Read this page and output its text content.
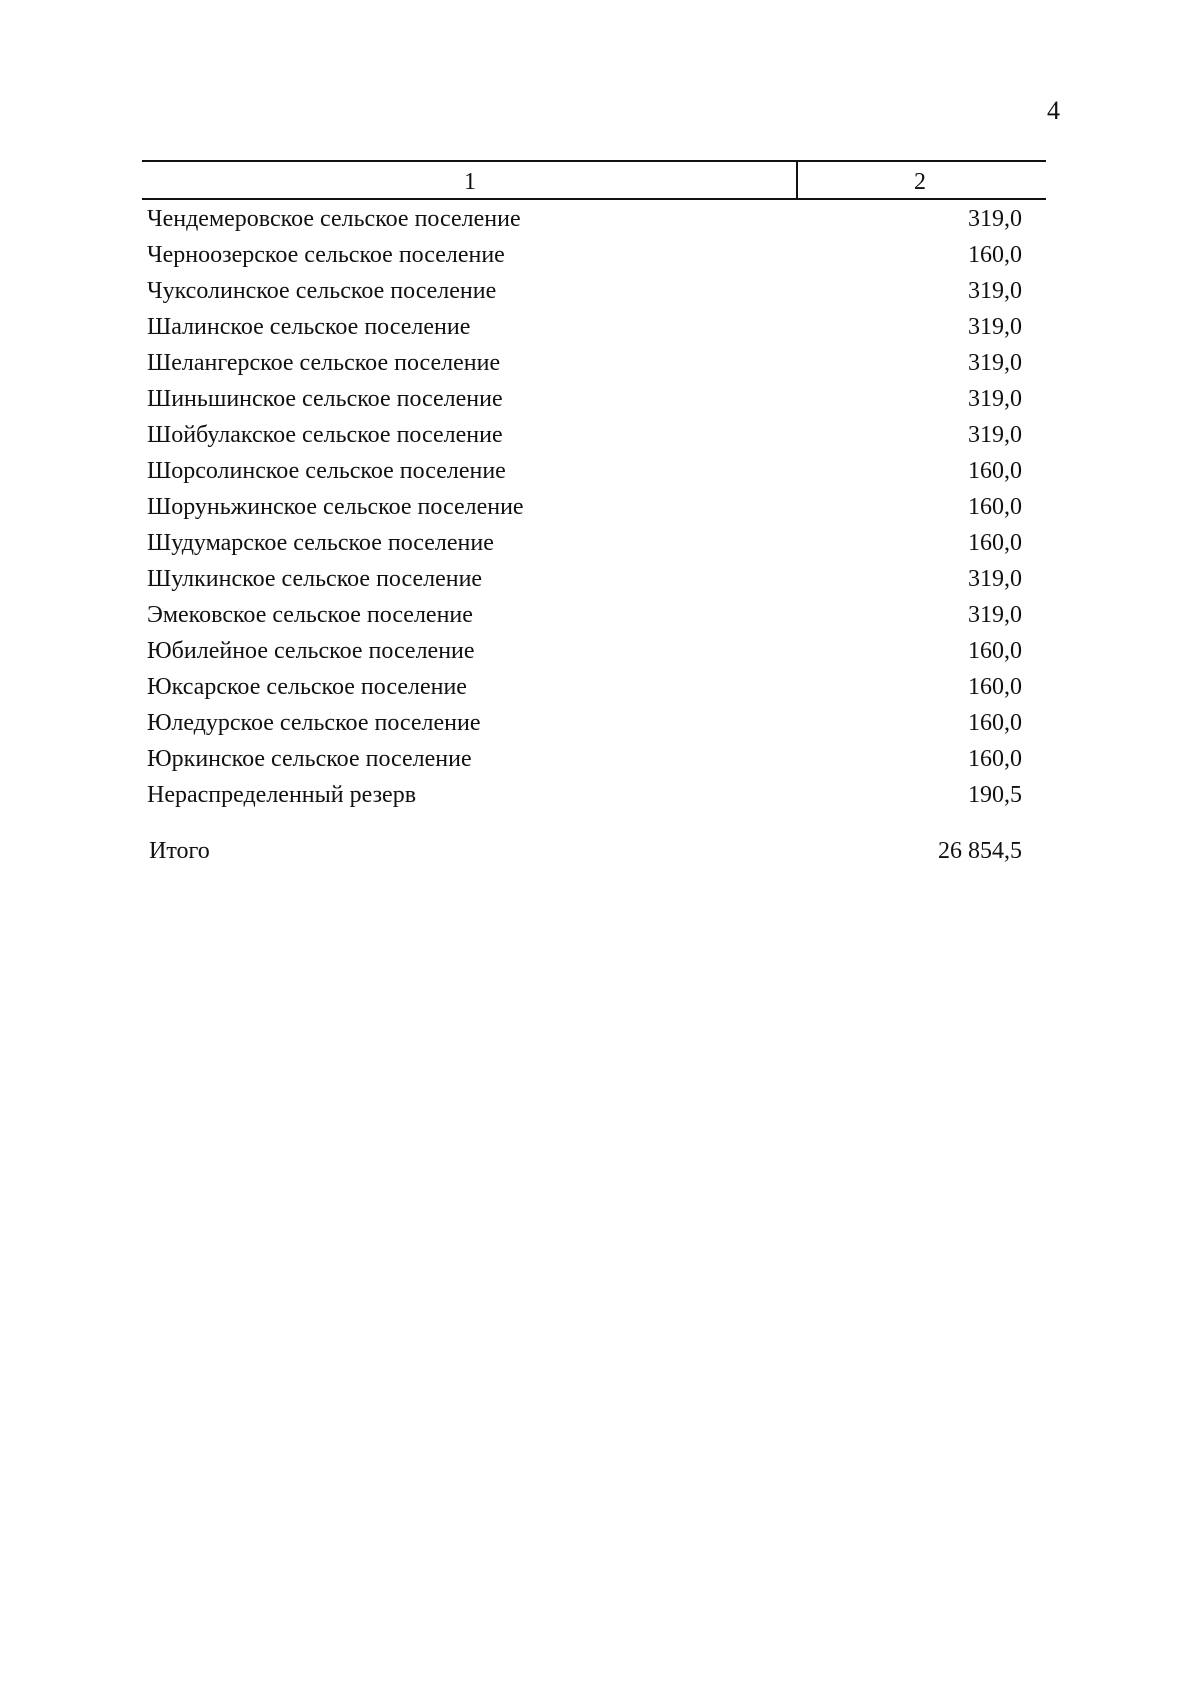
4
1	2
Чендемеровское сельское поселение	319,0
Черноозерское сельское поселение	160,0
Чуксолинское сельское поселение	319,0
Шалинское сельское поселение	319,0
Шелангерское сельское поселение	319,0
Шиньшинское сельское поселение	319,0
Шойбулакское сельское поселение	319,0
Шорсолинское сельское поселение	160,0
Шоруньжинское сельское поселение	160,0
Шудумарское сельское поселение	160,0
Шулкинское сельское поселение	319,0
Эмековское сельское поселение	319,0
Юбилейное сельское поселение	160,0
Юксарское сельское поселение	160,0
Юледурское сельское поселение	160,0
Юркинское сельское поселение	160,0
Нераспределенный резерв	190,5
Итого	26 854,5
